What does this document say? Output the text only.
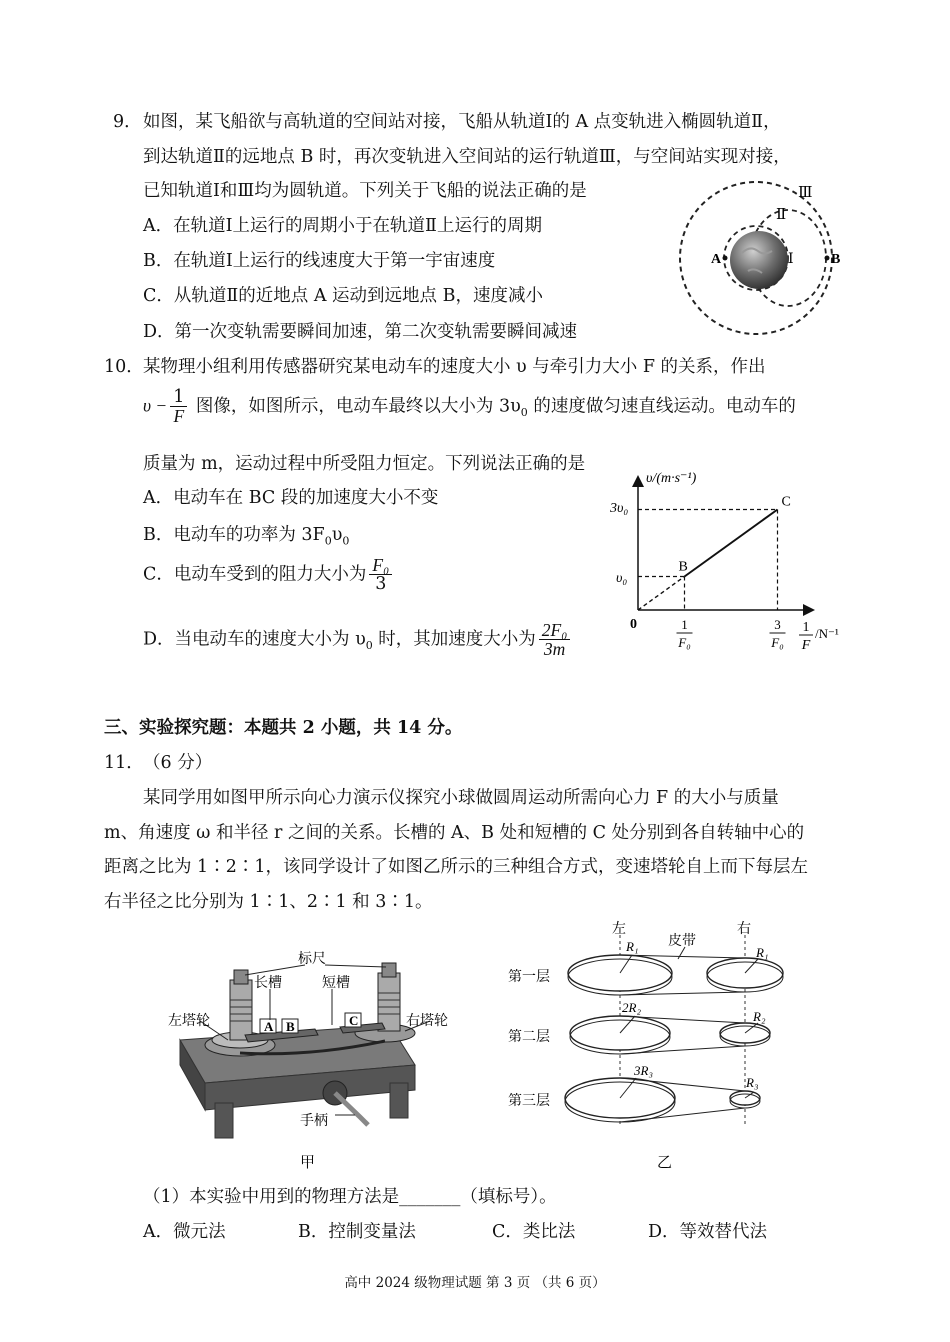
9． 如图，某飞船欲与高轨道的空间站对接，飞船从轨道Ⅰ的 A 点变轨进入椭圆轨道Ⅱ，
到达轨道Ⅱ的远地点 B 时，再次变轨进入空间站的运行轨道Ⅲ，与空间站实现对接，
已知轨道Ⅰ和Ⅲ均为圆轨道。下列关于飞船的说法正确的是
A．在轨道Ⅰ上运行的周期小于在轨道Ⅱ上运行的周期
B．在轨道Ⅰ上运行的线速度大于第一宇宙速度
C．从轨道Ⅱ的近地点 A 运动到远地点 B，速度减小
D．第一次变轨需要瞬间加速，第二次变轨需要瞬间减速
A	B
Ⅰ
Ⅱ
Ⅲ
10． 某物理小组利用传感器研究某电动车的速度大小 υ 与牵引力大小 F 的关系，作出
$\upsilon - \frac{1}{F}$ 图像，如图所示，电动车最终以大小为 $3\upsilon_0$ 的速度做匀速直线运动。电动车的
质量为 m，运动过程中所受阻力恒定。下列说法正确的是
A．电动车在 BC 段的加速度大小不变
B．电动车的功率为 $3F_0\upsilon_0$
C．电动车受到的阻力大小为 $\frac{\text{F₀}}{3}$
D．当电动车的速度大小为 $\upsilon_0$ 时，其加速度大小为 $\frac{\text{2F₀}}{3m}$
υ/(m·s⁻¹)
0
3υ₀
υ₀
B
C
1
F₀
3
F₀
1
F
/N⁻¹
三、实验探究题：本题共 2 小题，共 14 分。
11． （6 分）
某同学用如图甲所示向心力演示仪探究小球做圆周运动所需向心力 F 的大小与质量
m、角速度 ω 和半径 r 之间的关系。长槽的 A、B 处和短槽的 C 处分别到各自转轴中心的
距离之比为 1∶2∶1，该同学设计了如图乙所示的三种组合方式，变速塔轮自上而下每层左
右半径之比分别为 1∶1、2∶1 和 3∶1。
A B	C
标尺
长槽	短槽
左塔轮	右塔轮
手柄
甲
左	右
皮带
R₁	R₁
第一层
2R₂
R₂
第二层
3R₃
R₃
第三层
乙
（1）本实验中用到的物理方法是_______（填标号）。
A．微元法	B．控制变量法	C．类比法	D．等效替代法
高中 2024 级物理试题 第 3 页 （共 6 页）
